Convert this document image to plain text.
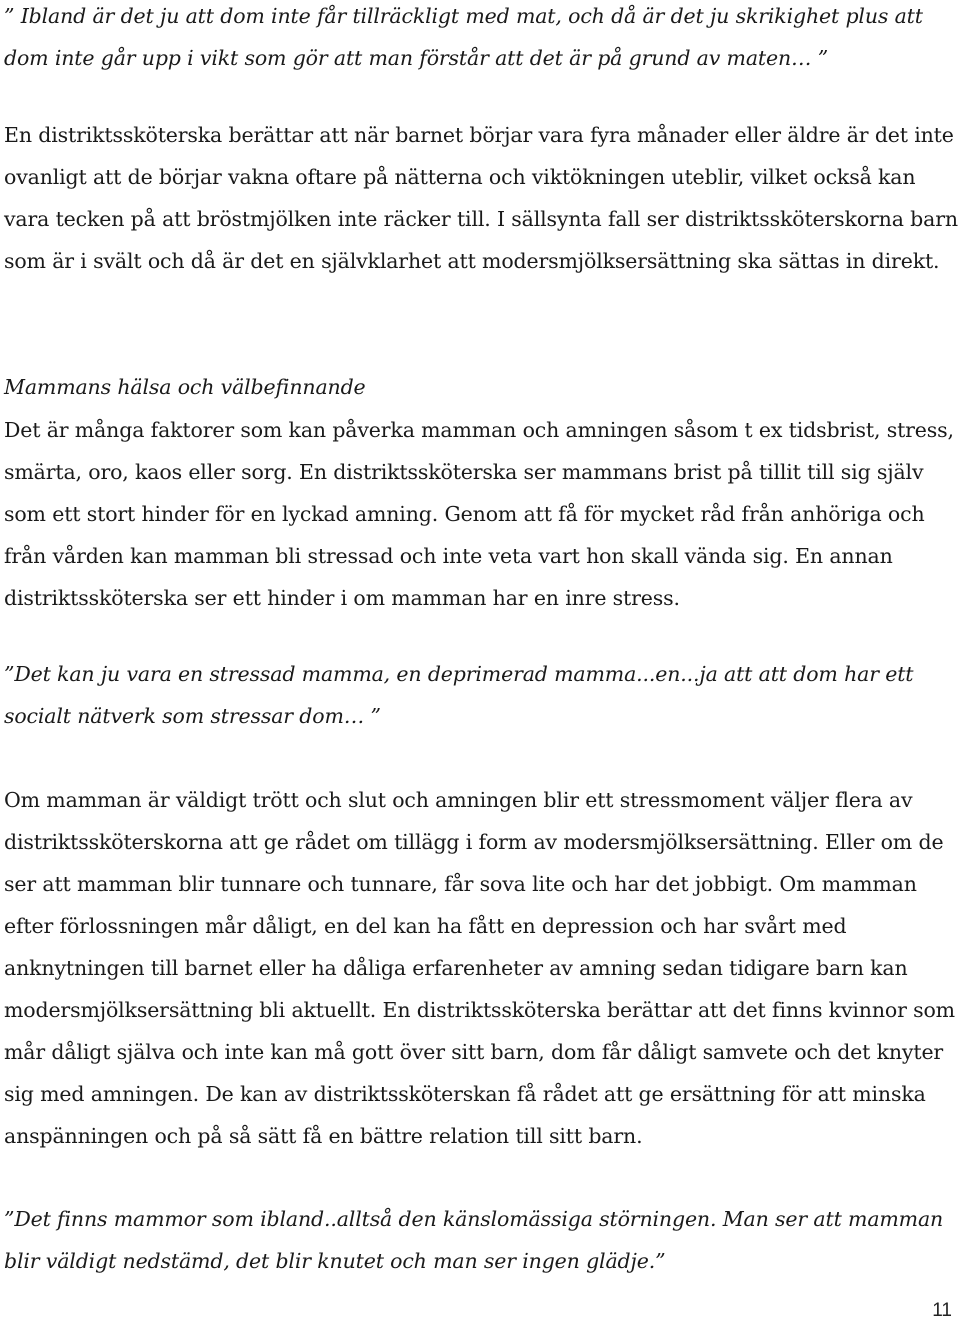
” Ibland är det ju att dom inte får tillräckligt med mat, och då är det ju skrikighet plus att dom inte går upp i vikt som gör att man förstår att det är på grund av maten… ”

En distriktssköterska berättar att när barnet börjar vara fyra månader eller äldre är det inte ovanligt att de börjar vakna oftare på nätterna och viktökningen uteblir, vilket också kan vara tecken på att bröstmjölken inte räcker till. I sällsynta fall ser distriktssköterskorna barn som är i svält och då är det en självklarhet att modersmjölksersättning ska sättas in direkt.

Mammans hälsa och välbefinnande

Det är många faktorer som kan påverka mamman och amningen såsom t ex tidsbrist, stress, smärta, oro, kaos eller sorg. En distriktssköterska ser mammans brist på tillit till sig själv som ett stort hinder för en lyckad amning. Genom att få för mycket råd från anhöriga och från vården kan mamman bli stressad och inte veta vart hon skall vända sig. En annan distriktssköterska ser ett hinder i om mamman har en inre stress.

”Det kan ju vara en stressad mamma, en deprimerad mamma...en...ja att att dom har ett socialt nätverk som stressar dom… ”

Om mamman är väldigt trött och slut och amningen blir ett stressmoment väljer flera av distriktssköterskorna att ge rådet om tillägg i form av modersmjölksersättning. Eller om de ser att mamman blir tunnare och tunnare, får sova lite och har det jobbigt. Om mamman efter förlossningen mår dåligt, en del kan ha fått en depression och har svårt med anknytningen till barnet eller ha dåliga erfarenheter av amning sedan tidigare barn kan modersmjölksersättning bli aktuellt. En distriktssköterska berättar att det finns kvinnor som mår dåligt själva och inte kan må gott över sitt barn, dom får dåligt samvete och det knyter sig med amningen. De kan av distriktssköterskan få rådet att ge ersättning för att minska anspänningen och på så sätt få en bättre relation till sitt barn.

”Det finns mammor som ibland..alltså den känslomässiga störningen. Man ser att mamman blir väldigt nedstämd, det blir knutet och man ser ingen glädje.”

11
